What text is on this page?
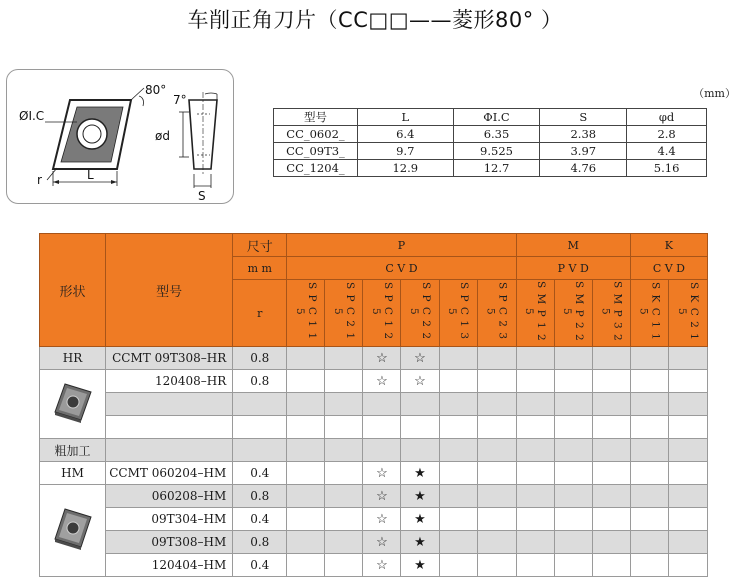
车削正角刀片（CC□□——菱形80° ）
ØI.C
80°
7°
ød
r	L
S
（mm）
型号	L	ΦI.C	S	φd
CC_0602_	6.4	6.35	2.38	2.8
CC_09T3_	9.7	9.525	3.97	4.4
CC_1204_	12.9	12.7	4.76	5.16
形状	型号	尺寸	P						M			K	
		m m	C V D						P V D			C V D	
		r	S P C 1 1 5	S P C 2 1 5	S P C 1 2 5	S P C 2 2 5	S P C 1 3 5	S P C 2 3 5	S M P 1 2 5	S M P 2 2 5	S M P 3 2 5	S K C 1 1 5	S K C 2 1 5
HR	CCMT 09T308–HR	0.8			☆	☆							
	120408–HR	0.8			☆	☆							

粗加工													
HM	CCMT 060204–HM	0.4			☆	★							
	060208–HM	0.8			☆	★							
	09T304–HM	0.4			☆	★							
	09T308–HM	0.8			☆	★							
	120404–HM	0.4			☆	★							
